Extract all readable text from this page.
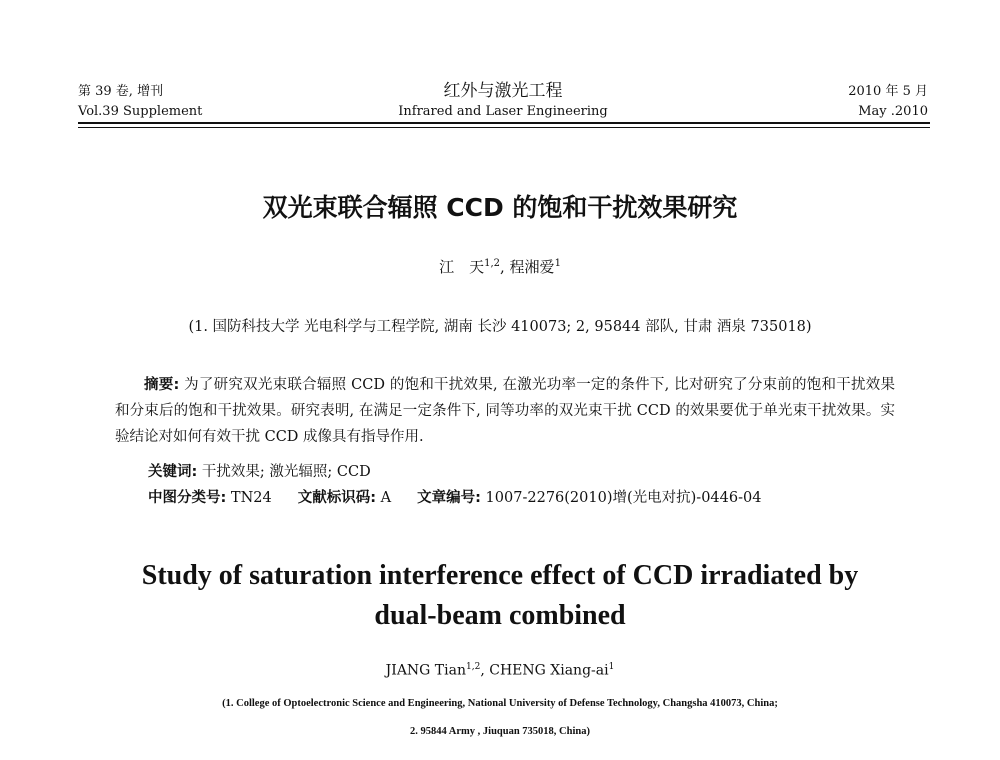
第 39 卷, 增刊
Vol.39 Supplement
红外与激光工程
Infrared and Laser Engineering
2010 年 5 月
May .2010
双光束联合辐照 CCD 的饱和干扰效果研究
江　天$^{1,2}$, 程湘爱$^1$
(1. 国防科技大学 光电科学与工程学院, 湖南 长沙 410073; 2, 95844 部队, 甘肃 酒泉 735018)
摘要: 为了研究双光束联合辐照 CCD 的饱和干扰效果, 在激光功率一定的条件下, 比对研究了分束前的饱和干扰效果和分束后的饱和干扰效果。研究表明, 在满足一定条件下, 同等功率的双光束干扰 CCD 的效果要优于单光束干扰效果。实验结论对如何有效干扰 CCD 成像具有指导作用.
关键词: 干扰效果; 激光辐照; CCD
中图分类号: TN24 文献标识码: A 文章编号: 1007-2276(2010)增(光电对抗)-0446-04
Study of saturation interference effect of CCD irradiated by
dual-beam combined
JIANG Tian$^{1,2}$, CHENG Xiang-$ai^1$
(1. College of Optoelectronic Science and Engineering, National University of Defense Technology, Changsha 410073, China;
2. 95844 Army , Jiuquan 735018, China)
